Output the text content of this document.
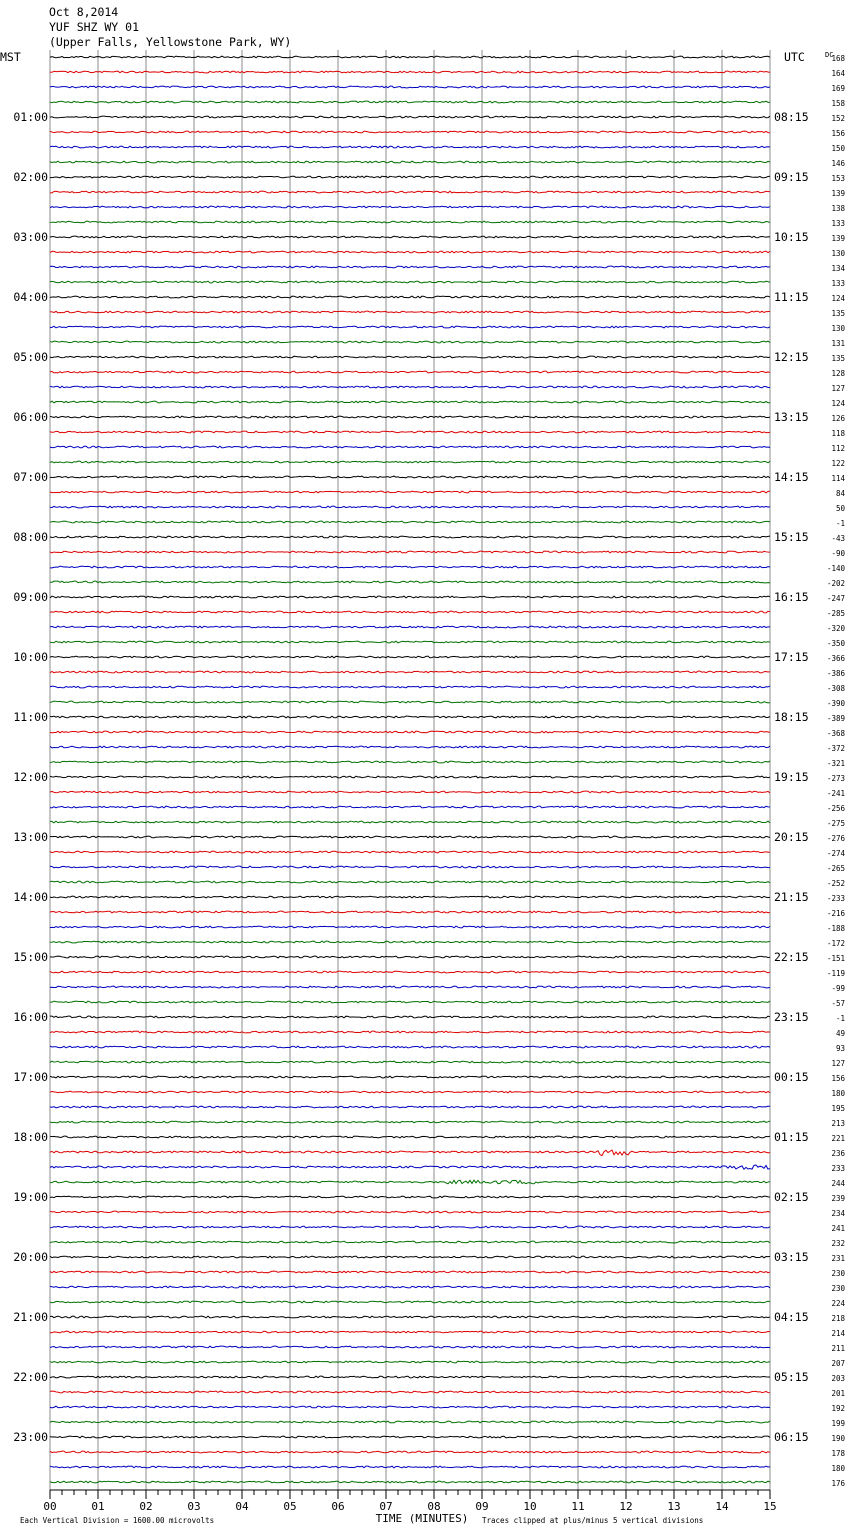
Oct 8,2014
YUF SHZ WY 01
(Upper Falls, Yellowstone Park, WY)
MST	UTC	DC
01:00	08:15
02:00	09:15
03:00	10:15
04:00	11:15
05:00	12:15
06:00	13:15
07:00	14:15
08:00	15:15
09:00	16:15
10:00	17:15
11:00	18:15
12:00	19:15
13:00	20:15
14:00	21:15
15:00	22:15
16:00	23:15
17:00	00:15
18:00	01:15
19:00	02:15
20:00	03:15
21:00	04:15
22:00	05:15
23:00	06:15
168
164
169
158
152
156
150
146
153
139
138
133
139
130
134
133
124
135
130
131
135
128
127
124
126
118
112
122
114
84
50
-1
-43
-90
-140
-202
-247
-285
-320
-350
-366
-386
-308
-390
-389
-368
-372
-321
-273
-241
-256
-275
-276
-274
-265
-252
-233
-216
-188
-172
-151
-119
-99
-57
-1
49
93
127
156
180
195
213
221
236
233
244
239
234
241
232
231
230
230
224
218
214
211
207
203
201
192
199
190
178
180
176
00	01	02	03	04	05	06	07	08	09	10	11	12	13	14	15
TIME (MINUTES)
Each Vertical Division = 1600.00 microvolts	Traces clipped at plus/minus 5 vertical divisions
